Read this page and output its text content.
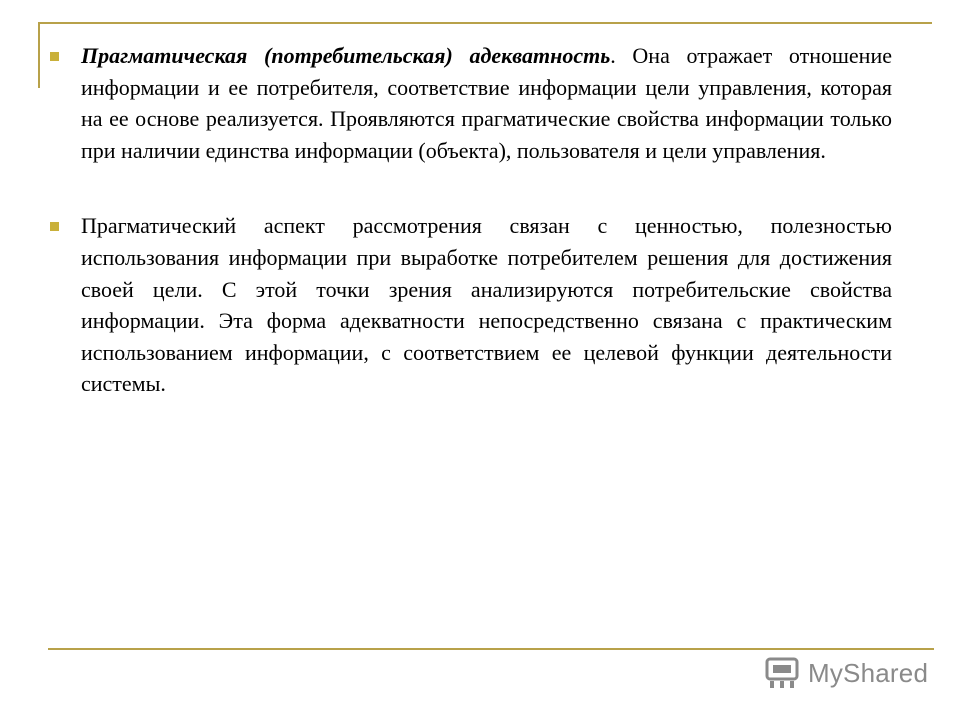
Прагматическая (потребительская) адекватность. Она отражает отношение информации и ее потребителя, соответствие информации цели управления, которая на ее основе реализуется. Проявляются прагматические свойства информации только при наличии единства информации (объекта), пользователя и цели управления.

Прагматический аспект рассмотрения связан с ценностью, полезностью использования информации при выработке потребителем решения для достижения своей цели. С этой точки зрения анализируются потребительские свойства информации. Эта форма адекватности непосредственно связана с практическим использованием информации, с соответствием ее целевой функции деятельности системы.

MyShared
